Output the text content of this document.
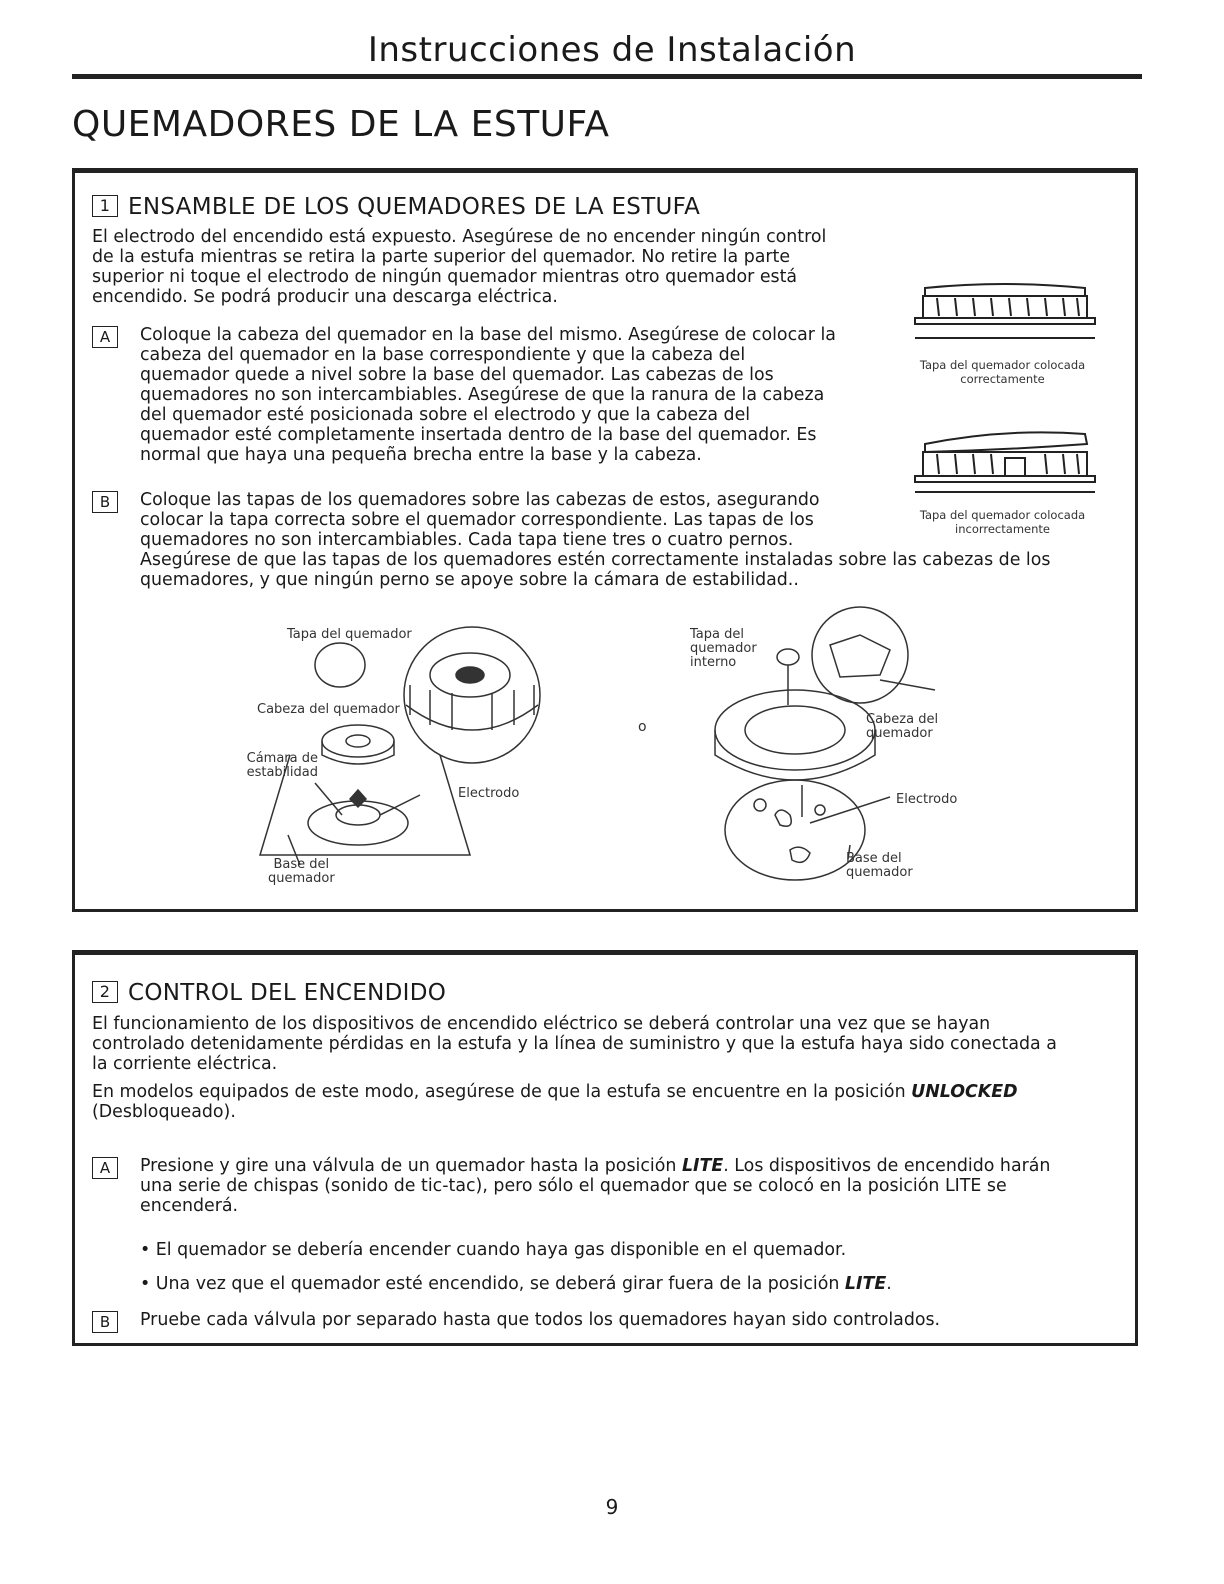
Instrucciones de Instalación
QUEMADORES DE LA ESTUFA
1 ENSAMBLE DE LOS QUEMADORES DE LA ESTUFA
El electrodo del encendido está expuesto. Asegúrese de no encender ningún control
de la estufa mientras se retira la parte superior del quemador. No retire la parte
superior ni toque el electrodo de ningún quemador mientras otro quemador está
encendido. Se podrá producir una descarga eléctrica.
A	Coloque la cabeza del quemador en la base del mismo. Asegúrese de colocar la
cabeza del quemador en la base correspondiente y que la cabeza del
quemador quede a nivel sobre la base del quemador. Las cabezas de los
quemadores no son intercambiables. Asegúrese de que la ranura de la cabeza
del quemador esté posicionada sobre el electrodo y que la cabeza del
quemador esté completamente insertada dentro de la base del quemador. Es
normal que haya una pequeña brecha entre la base y la cabeza.
B	Coloque las tapas de los quemadores sobre las cabezas de estos, asegurando
colocar la tapa correcta sobre el quemador correspondiente. Las tapas de los
quemadores no son intercambiables. Cada tapa tiene tres o cuatro pernos.
Asegúrese de que las tapas de los quemadores estén correctamente instaladas sobre las cabezas de los
quemadores, y que ningún perno se apoye sobre la cámara de estabilidad..
Tapa del quemador colocada
correctamente
Tapa del quemador colocada
incorrectamente
Tapa del quemador
Cabeza del quemador
Cámara de
estabilidad
Electrodo
Base del
quemador
o
Tapa del
quemador
interno
Cabeza del
quemador
Electrodo
Base del
quemador
2 CONTROL DEL ENCENDIDO
El funcionamiento de los dispositivos de encendido eléctrico se deberá controlar una vez que se hayan
controlado detenidamente pérdidas en la estufa y la línea de suministro y que la estufa haya sido conectada a
la corriente eléctrica.
En modelos equipados de este modo, asegúrese de que la estufa se encuentre en la posición UNLOCKED
(Desbloqueado).
A	Presione y gire una válvula de un quemador hasta la posición LITE. Los dispositivos de encendido harán
una serie de chispas (sonido de tic-tac), pero sólo el quemador que se colocó en la posición LITE se
encenderá.
• El quemador se debería encender cuando haya gas disponible en el quemador.
• Una vez que el quemador esté encendido, se deberá girar fuera de la posición LITE.
B	Pruebe cada válvula por separado hasta que todos los quemadores hayan sido controlados.
9
